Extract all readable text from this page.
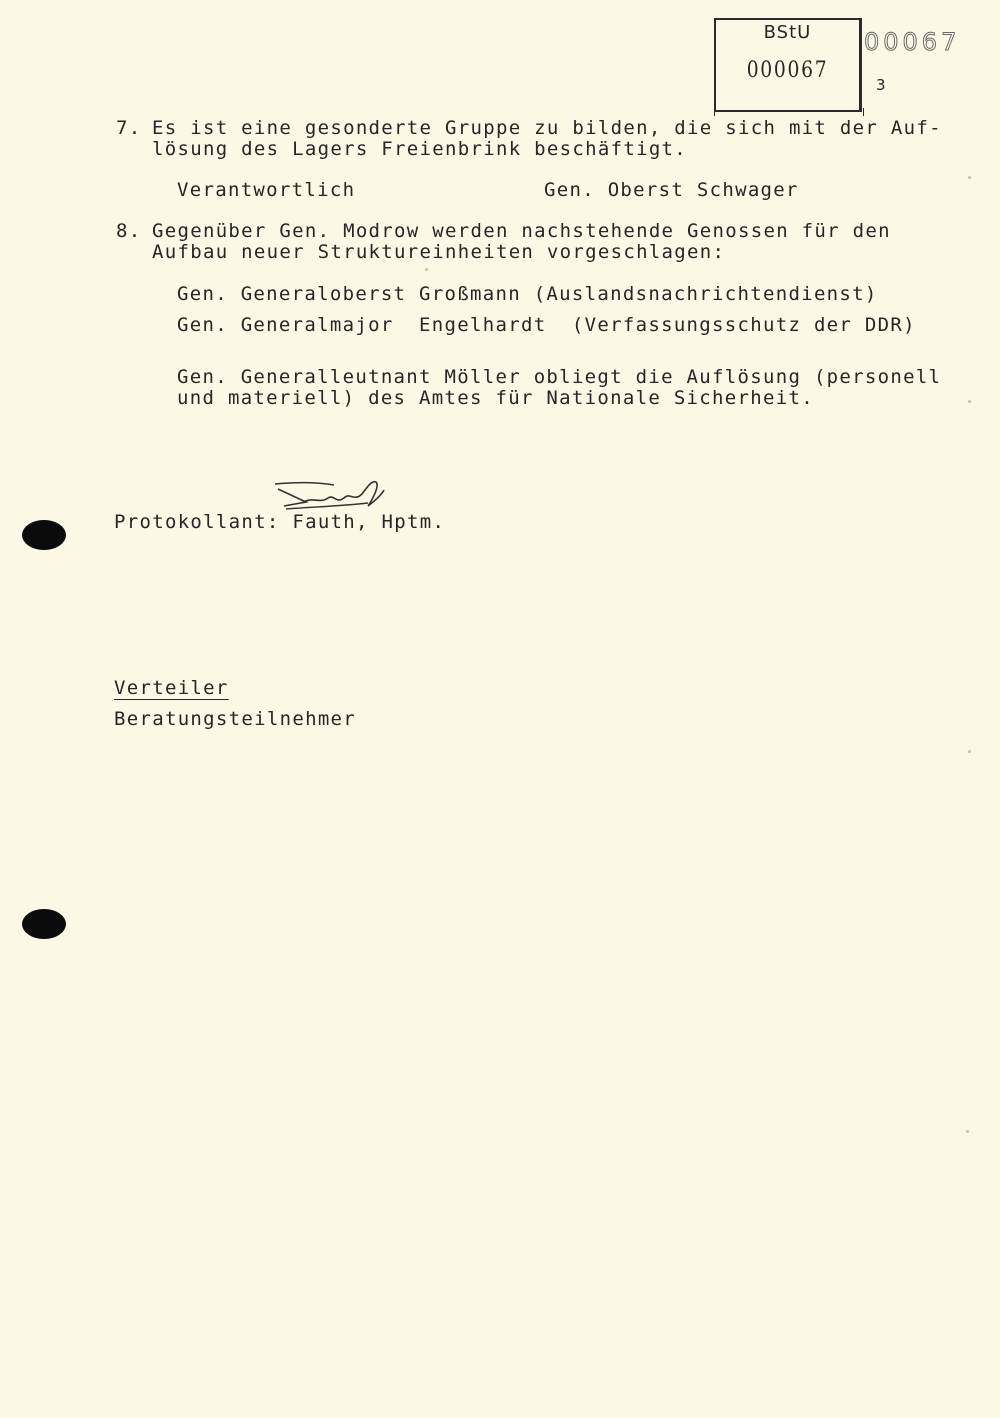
BStU
000067
00067
3
7. Es ist eine gesonderte Gruppe zu bilden, die sich mit der Auf-
lösung des Lagers Freienbrink beschäftigt.
Verantwortlich	Gen. Oberst Schwager
8. Gegenüber Gen. Modrow werden nachstehende Genossen für den
Aufbau neuer Struktureinheiten vorgeschlagen:
Gen. Generaloberst Großmann (Auslandsnachrichtendienst)
Gen. Generalmajor  Engelhardt  (Verfassungsschutz der DDR)
Gen. Generalleutnant Möller obliegt die Auflösung (personell
und materiell) des Amtes für Nationale Sicherheit.
Protokollant: Fauth, Hptm.
Verteiler
Beratungsteilnehmer
